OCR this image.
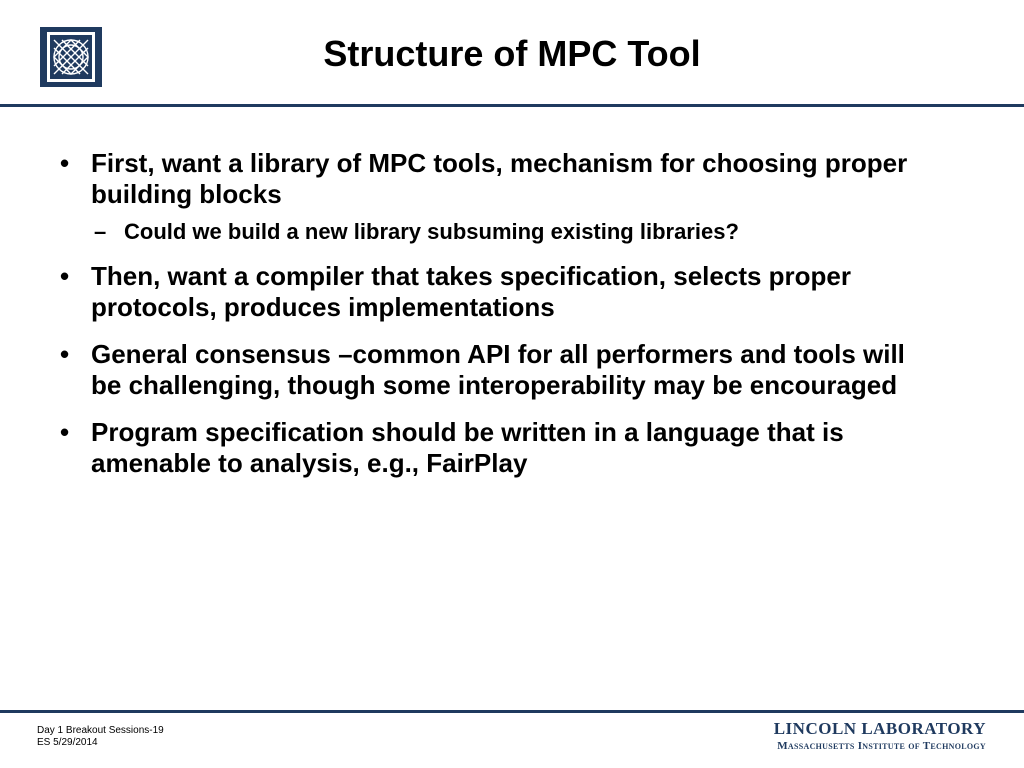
Structure of MPC Tool
• First, want a library of MPC tools, mechanism for choosing proper building blocks
– Could we build a new library subsuming existing libraries?
• Then, want a compiler that takes specification, selects proper protocols, produces implementations
• General consensus –common API for all performers and tools will be challenging, though some interoperability may be encouraged
• Program specification should be written in a language that is amenable to analysis, e.g., FairPlay
Day 1 Breakout Sessions-19
ES 5/29/2014
LINCOLN LABORATORY
Massachusetts Institute of Technology
